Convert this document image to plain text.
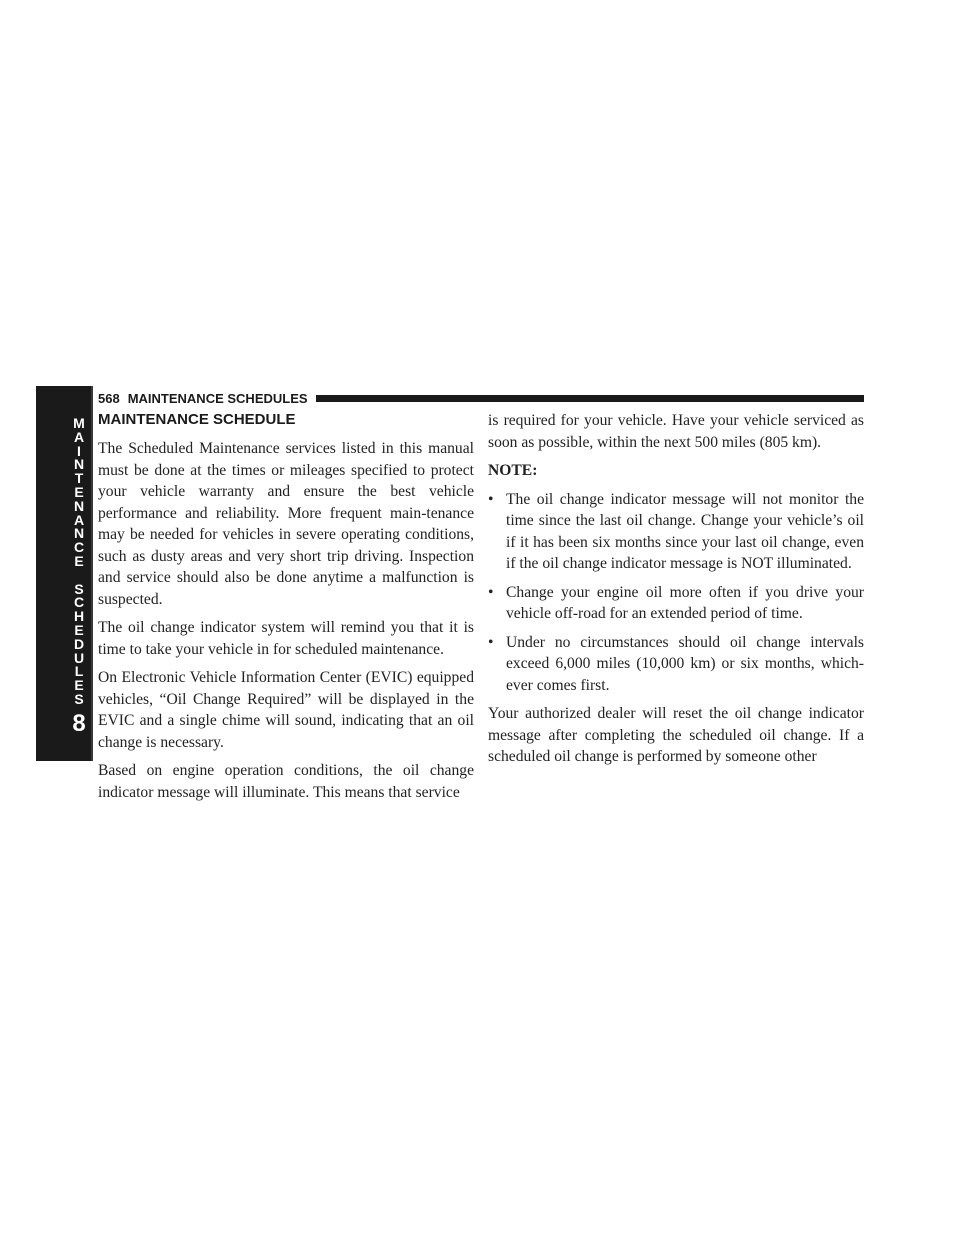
M
A
I
N
T
E
N
A
N
C
E
S
C
H
E
D
U
L
E
S
8
568 MAINTENANCE SCHEDULES
MAINTENANCE SCHEDULE

The Scheduled Maintenance services listed in this manual must be done at the times or mileages specified to protect your vehicle warranty and ensure the best vehicle performance and reliability. More frequent main-tenance may be needed for vehicles in severe operating conditions, such as dusty areas and very short trip driving. Inspection and service should also be done anytime a malfunction is suspected.

The oil change indicator system will remind you that it is time to take your vehicle in for scheduled maintenance.

On Electronic Vehicle Information Center (EVIC) equipped vehicles, “Oil Change Required” will be displayed in the EVIC and a single chime will sound, indicating that an oil change is necessary.

Based on engine operation conditions, the oil change indicator message will illuminate. This means that service

is required for your vehicle. Have your vehicle serviced as soon as possible, within the next 500 miles (805 km).

NOTE:
• The oil change indicator message will not monitor the time since the last oil change. Change your vehicle’s oil if it has been six months since your last oil change, even if the oil change indicator message is NOT illuminated.
• Change your engine oil more often if you drive your vehicle off-road for an extended period of time.
• Under no circumstances should oil change intervals exceed 6,000 miles (10,000 km) or six months, which-ever comes first.

Your authorized dealer will reset the oil change indicator message after completing the scheduled oil change. If a scheduled oil change is performed by someone other
